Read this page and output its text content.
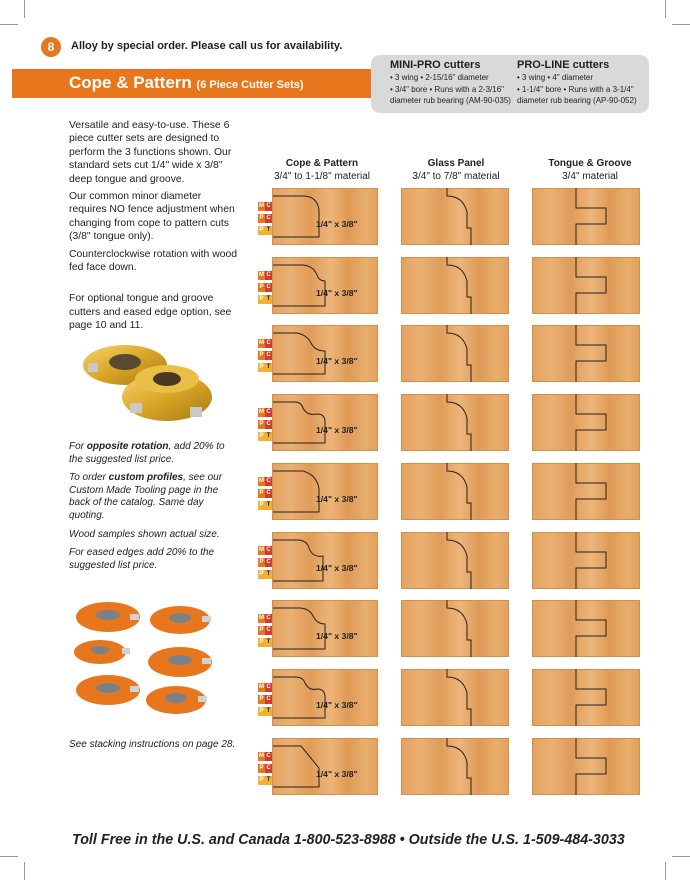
8	Alloy by special order. Please call us for availability.
Cope & Pattern (6 Piece Cutter Sets)
MINI-PRO cutters
• 3 wing • 2-15/16" diameter
• 3/4" bore • Runs with a 2-3/16"
diameter rub bearing (AM-90-035)
PRO-LINE cutters
• 3 wing • 4" diameter
• 1-1/4" bore • Runs with a 3-1/4"
diameter rub bearing (AP-90-052)

Versatile and easy-to-use. These 6 piece cutter sets are designed to perform the 3 functions shown. Our standard sets cut 1/4" wide x 3/8" deep tongue and groove.

Our common minor diameter requires NO fence adjustment when changing from cope to pattern cuts (3/8" tongue only).

Counterclockwise rotation with wood fed face down.

For optional tongue and groove cutters and eased edge option, see page 10 and 11.

For opposite rotation, add 20% to the suggested list price.

To order custom profiles, see our Custom Made Tooling page in the back of the catalog. Same day quoting.

Wood samples shown actual size.

For eased edges add 20% to the suggested list price.

See stacking instructions on page 28.
Cope & Pattern
3/4" to 1-1/8" material
Glass Panel
3/4" to 7/8" material
Tongue & Groove
3/4" material
M C
P C
P T
1/4" x 3/8"
M C
P C
P T
1/4" x 3/8"
M C
P C
P T
1/4" x 3/8"
M C
P C
P T
1/4" x 3/8"
M C
P C
P T
1/4" x 3/8"
M C
P C
P T
1/4" x 3/8"
M C
P C
P T
1/4" x 3/8"
M C
P C
P T
1/4" x 3/8"
M C
P C
P T
1/4" x 3/8"
Toll Free in the U.S. and Canada 1-800-523-8988 • Outside the U.S. 1-509-484-3033
